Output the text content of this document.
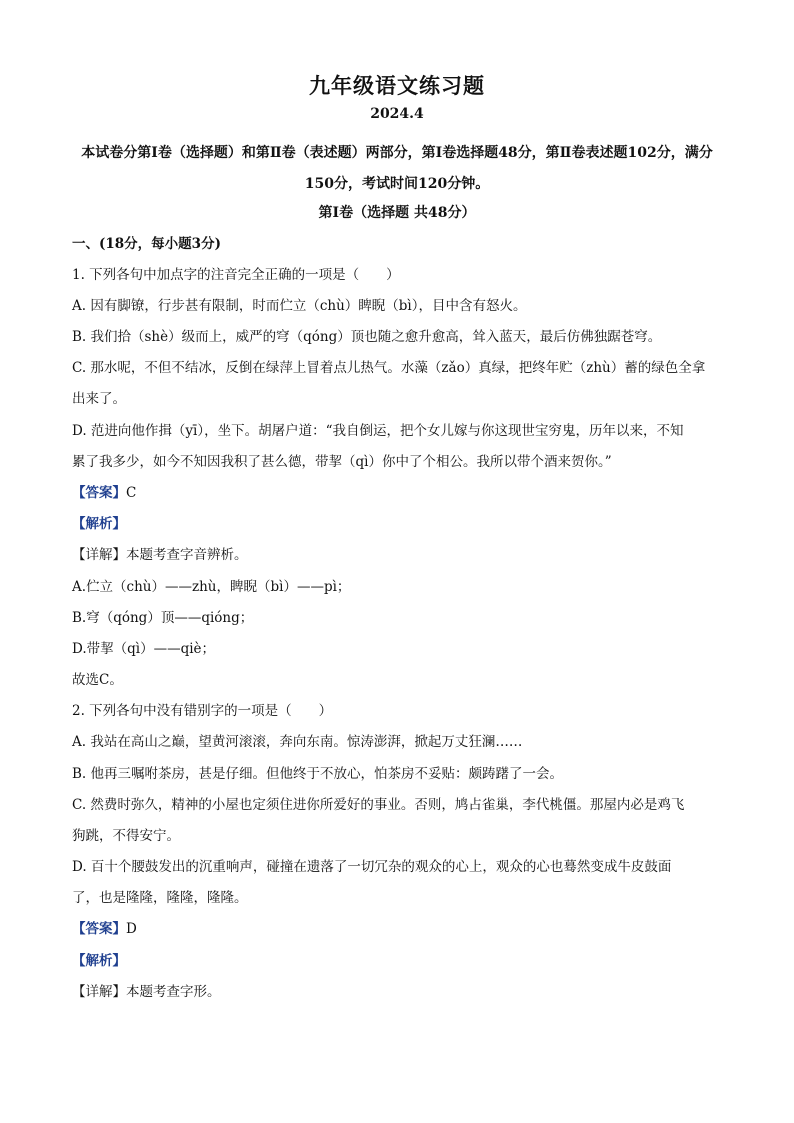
九年级语文练习题
2024.4
本试卷分第Ⅰ卷（选择题）和第Ⅱ卷（表述题）两部分，第Ⅰ卷选择题48分，第Ⅱ卷表述题102分，满分150分，考试时间120分钟。
第Ⅰ卷（选择题 共48分）
一、(18分，每小题3分)
1. 下列各句中加点字的注音完全正确的一项是（　　）
A. 因有脚镣，行步甚有限制，时而伫立（chù）睥睨（bì），目中含有怒火。
B. 我们拾（shè）级而上，威严的穹（qóng）顶也随之愈升愈高，耸入蓝天，最后仿佛独踞苍穹。
C. 那水呢，不但不结冰，反倒在绿萍上冒着点儿热气。水藻（zǎo）真绿，把终年贮（zhù）蓄的绿色全拿
出来了。
D. 范进向他作揖（yī），坐下。胡屠户道：“我自倒运，把个女儿嫁与你这现世宝穷鬼，历年以来，不知
累了我多少，如今不知因我积了甚么德，带挈（qì）你中了个相公。我所以带个酒来贺你。”
【答案】C
【解析】
【详解】本题考查字音辨析。
A.伫立（chù）——zhù，睥睨（bì）——pì；
B.穹（qóng）顶——qióng；
D.带挈（qì）——qiè；
故选C。
2. 下列各句中没有错别字的一项是（　　）
A. 我站在高山之巅，望黄河滚滚，奔向东南。惊涛澎湃，掀起万丈狂澜……
B. 他再三嘱咐茶房，甚是仔细。但他终于不放心，怕茶房不妥贴：颇踌躇了一会。
C. 然费时弥久，精神的小屋也定须住进你所爱好的事业。否则，鸠占雀巢，李代桃僵。那屋内必是鸡飞
狗跳，不得安宁。
D. 百十个腰鼓发出的沉重响声，碰撞在遗落了一切冗杂的观众的心上，观众的心也蓦然变成牛皮鼓面
了，也是隆隆，隆隆，隆隆。
【答案】D
【解析】
【详解】本题考查字形。
